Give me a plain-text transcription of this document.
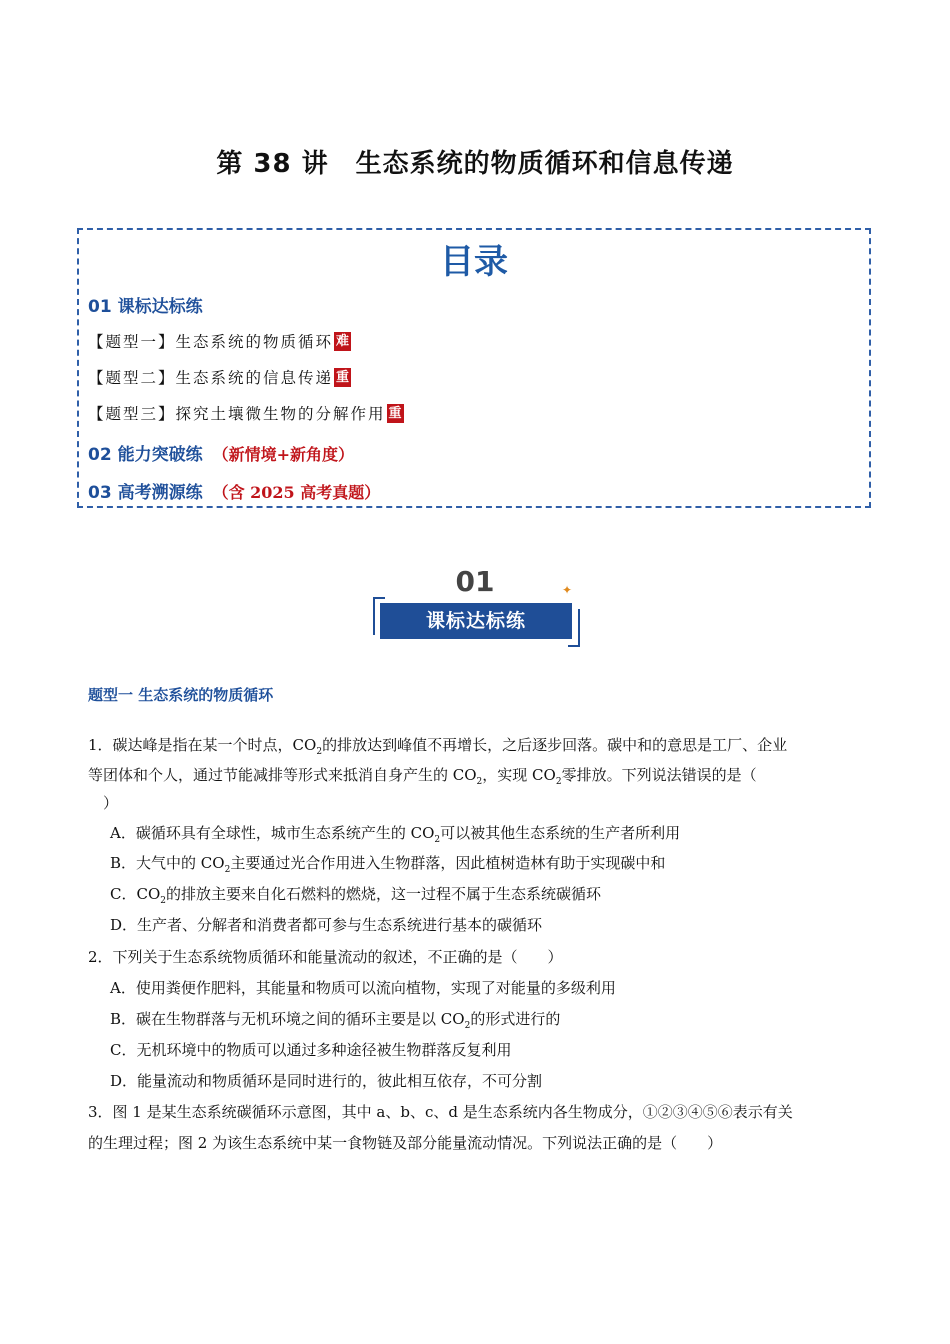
第 38 讲　生态系统的物质循环和信息传递
目录
01 课标达标练
【题型一】生态系统的物质循环 难
【题型二】生态系统的信息传递 重
【题型三】探究土壤微生物的分解作用 重
02 能力突破练 （新情境+新角度）
03 高考溯源练 （含 2025 高考真题）
01	✦
课标达标练
题型一 生态系统的物质循环
1．碳达峰是指在某一个时点，$CO_2$的排放达到峰值不再增长，之后逐步回落。碳中和的意思是工厂、企业
等团体和个人，通过节能减排等形式来抵消自身产生的 $CO_2$，实现 $CO_2$零排放。下列说法错误的是（
　）
A．碳循环具有全球性，城市生态系统产生的 $CO_2$可以被其他生态系统的生产者所利用
B．大气中的 $CO_2$主要通过光合作用进入生物群落，因此植树造林有助于实现碳中和
C．$CO_2$的排放主要来自化石燃料的燃烧，这一过程不属于生态系统碳循环
D．生产者、分解者和消费者都可参与生态系统进行基本的碳循环
2．下列关于生态系统物质循环和能量流动的叙述，不正确的是（　　）
A．使用粪便作肥料，其能量和物质可以流向植物，实现了对能量的多级利用
B．碳在生物群落与无机环境之间的循环主要是以 $CO_2$的形式进行的
C．无机环境中的物质可以通过多种途径被生物群落反复利用
D．能量流动和物质循环是同时进行的，彼此相互依存，不可分割
3．图 1 是某生态系统碳循环示意图，其中 a、b、c、d 是生态系统内各生物成分，①②③④⑤⑥表示有关
的生理过程；图 2 为该生态系统中某一食物链及部分能量流动情况。下列说法正确的是（　　）
